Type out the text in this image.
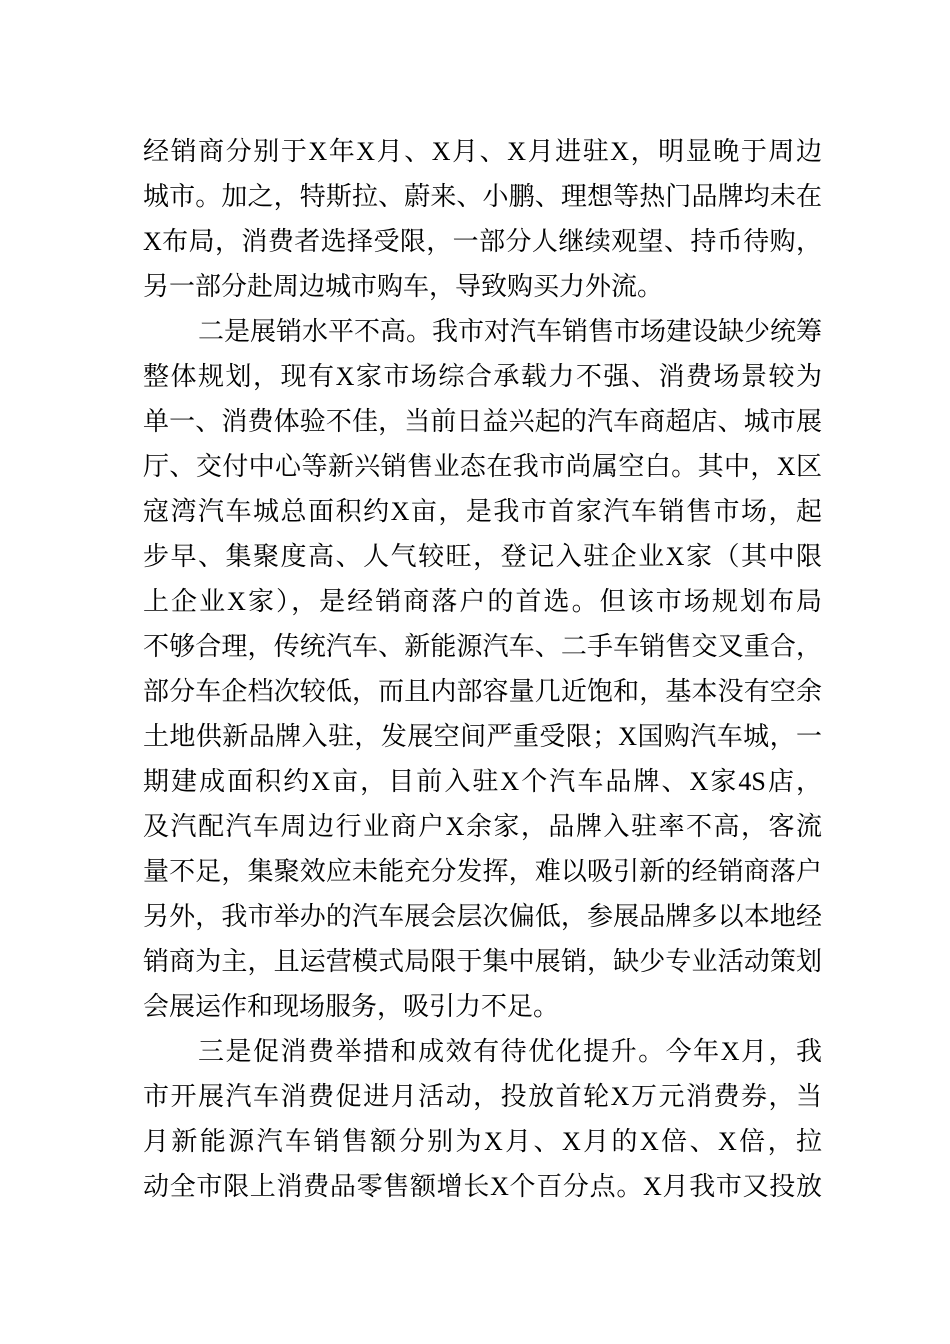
经销商分别于X年X月、X月、X月进驻X，明显晚于周边
城市。加之，特斯拉、蔚来、小鹏、理想等热门品牌均未在
X布局，消费者选择受限，一部分人继续观望、持币待购，
另一部分赴周边城市购车，导致购买力外流。
二是展销水平不高。我市对汽车销售市场建设缺少统筹
整体规划，现有X家市场综合承载力不强、消费场景较为
单一、消费体验不佳，当前日益兴起的汽车商超店、城市展
厅、交付中心等新兴销售业态在我市尚属空白。其中，X区
寇湾汽车城总面积约X亩，是我市首家汽车销售市场，起
步早、集聚度高、人气较旺，登记入驻企业X家（其中限
上企业X家），是经销商落户的首选。但该市场规划布局
不够合理，传统汽车、新能源汽车、二手车销售交叉重合，
部分车企档次较低，而且内部容量几近饱和，基本没有空余
土地供新品牌入驻，发展空间严重受限；X国购汽车城，一
期建成面积约X亩，目前入驻X个汽车品牌、X家4S店，
及汽配汽车周边行业商户X余家，品牌入驻率不高，客流
量不足，集聚效应未能充分发挥，难以吸引新的经销商落户
另外，我市举办的汽车展会层次偏低，参展品牌多以本地经
销商为主，且运营模式局限于集中展销，缺少专业活动策划
会展运作和现场服务，吸引力不足。
三是促消费举措和成效有待优化提升。今年X月，我
市开展汽车消费促进月活动，投放首轮X万元消费券，当
月新能源汽车销售额分别为X月、X月的X倍、X倍，拉
动全市限上消费品零售额增长X个百分点。X月我市又投放
